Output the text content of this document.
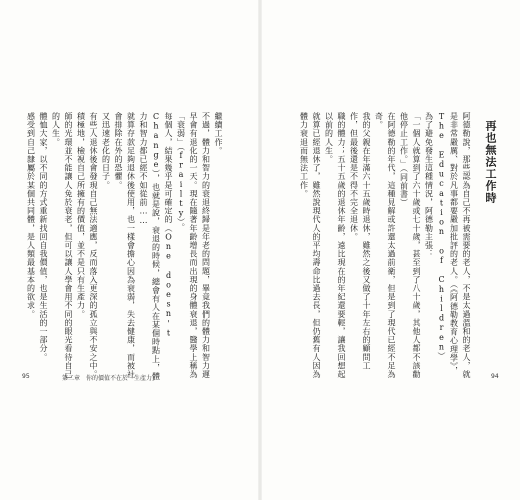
繼續工作。

不過，體力和智力的衰退終歸是年老的問題，畢竟我們的體力和智力遲早會有退化的一天。現在隨著年齡增長而出現的身體衰退，醫學上稱為「衰弱」（frailty）。

每個人，結果幾乎是可確定的（One doesn't Change），也就是說，衰退的時候，總會有人在某個時點上，體力和智力都已經不如從前……

就算存款足夠退休後使用，也一樣會擔心因為衰弱，失去健康，而被社會排除在外的恐懼。

又迅速老化的日子。

有些人退休後會發現自己無法適應，反而落入更深的孤立與不安之中。

積極地，檢視自己所擁有的價值，並不是只有生產力。

師的光環並不能讓人免於衰老，但可以讓人學會用不同的眼光看待自己的人生。

體恤大家，以不同的方式重新找回自我價值，也是生活的一部分。

感受到自己隸屬於某個共同體，是人類最基本的欲求。

95	第二章　你的價值不在於「生產力」
再也無法工作時

阿德勒說，那些認為自己不再被需要的老人，不是太過溫和的老人，就是非常嚴厲、對於凡事都要嚴加批評的老人。（《阿德勒教育心理學》，The Education of Children）

為了避免發生這種情況，阿德勒主張：

「一個人就算到了六十歲或七十歲，甚至到了八十歲，其他人都不該勸他停止工作。」（同前書）

在阿德勒的年代，這種見解或許還太過前衛，但是到了現代已經不足為奇。

我的父親在年滿六十五歲時退休，雖然之後又做了十年左右的顧問工作，但最後還是不得不完全退休。

職的體力；五十五歲的退休年齡，遠比現在的年紀還要輕，讓我回想起以前的人生。

就算已經退休了，雖然說現代人的平均壽命比過去長，但仍舊有人因為體力衰退而無法工作。

94
